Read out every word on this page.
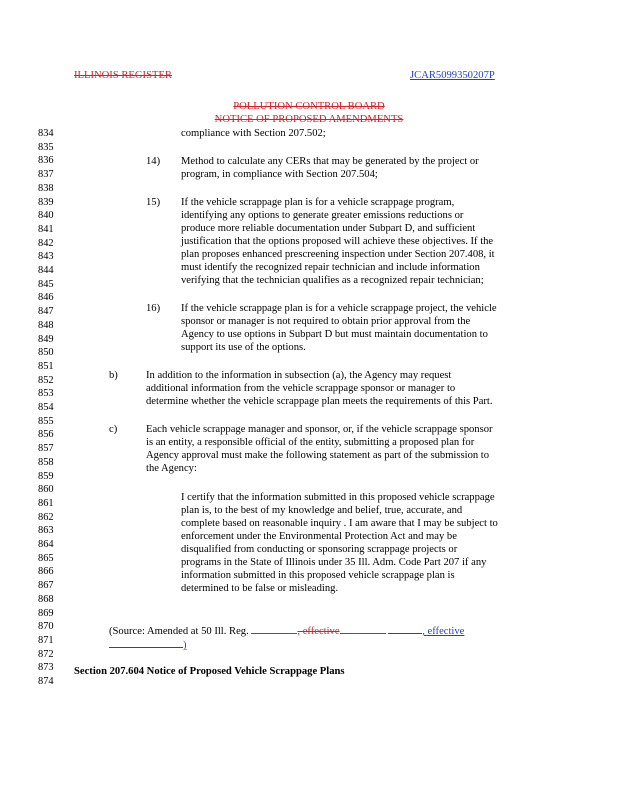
ILLINOIS REGISTER	JCAR5099350207P
POLLUTION CONTROL BOARD
NOTICE OF PROPOSED AMENDMENTS
834
835
836
837
838
839
840
841
842
843
844
845
846
847
848
849
850
851
852
853
854
855
856
857
858
859
860
861
862
863
864
865
866
867
868
869
870
871
872
873
874
compliance with Section 207.502;
14) Method to calculate any CERs that may be generated by the project or
program, in compliance with Section 207.504;
15) If the vehicle scrappage plan is for a vehicle scrappage program,
identifying any options to generate greater emissions reductions or
produce more reliable documentation under Subpart D, and sufficient
justification that the options proposed will achieve these objectives. If the
plan proposes enhanced prescreening inspection under Section 207.408, it
must identify the recognized repair technician and include information
verifying that the technician qualifies as a recognized repair technician;
16) If the vehicle scrappage plan is for a vehicle scrappage project, the vehicle
sponsor or manager is not required to obtain prior approval from the
Agency to use options in Subpart D but must maintain documentation to
support its use of the options.
b)	In addition to the information in subsection (a), the Agency may request
additional information from the vehicle scrappage sponsor or manager to
determine whether the vehicle scrappage plan meets the requirements of this Part.
c)	Each vehicle scrappage manager and sponsor, or, if the vehicle scrappage sponsor
is an entity, a responsible official of the entity, submitting a proposed plan for
Agency approval must make the following statement as part of the submission to
the Agency:
I certify that the information submitted in this proposed vehicle scrappage
plan is, to the best of my knowledge and belief, true, accurate, and
complete based on reasonable inquiry . I am aware that I may be subject to
enforcement under the Environmental Protection Act and may be
disqualified from conducting or sponsoring scrappage projects or
programs in the State of Illinois under 35 Ill. Adm. Code Part 207 if any
information submitted in this proposed vehicle scrappage plan is
determined to be false or misleading.
(Source: Amended at 50 Ill. Reg.	, effective	, effective
)
Section 207.604 Notice of Proposed Vehicle Scrappage Plans
